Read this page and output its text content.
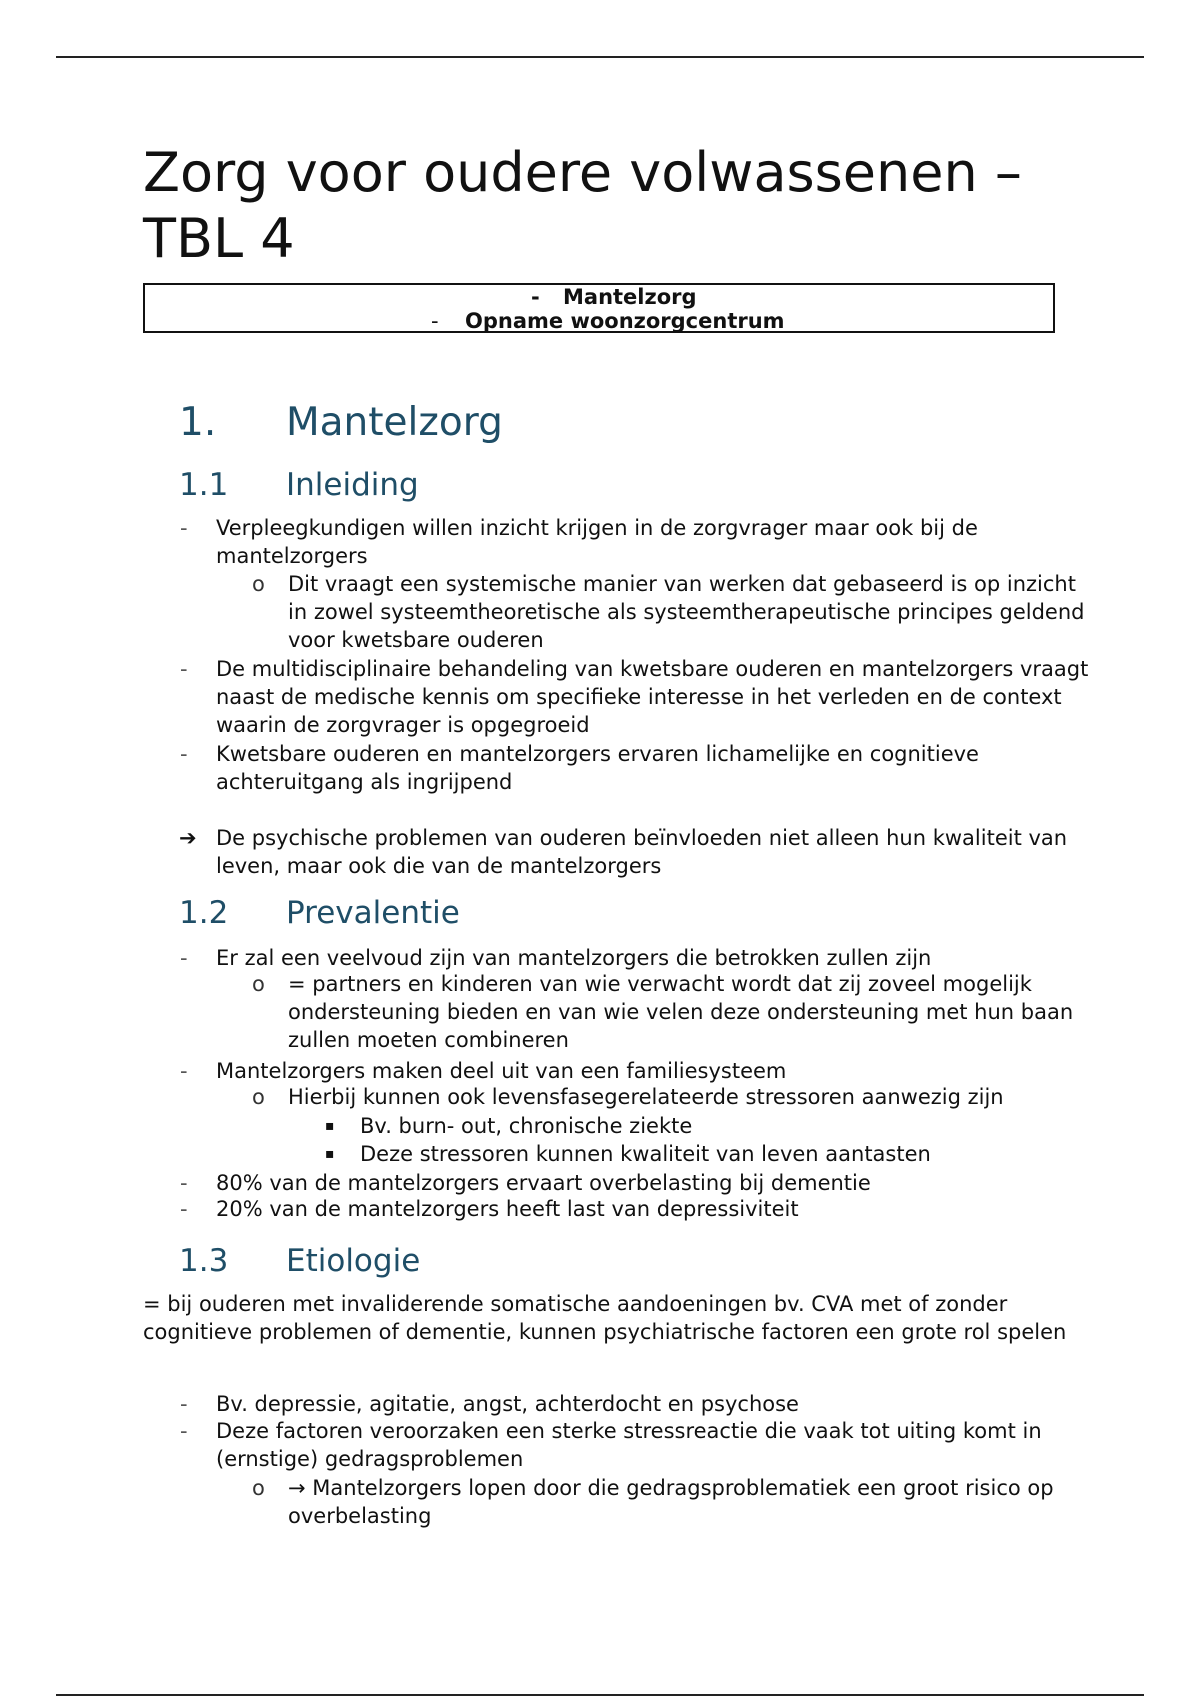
Zorg voor oudere volwassenen – TBL 4
- Mantelzorg
- Opname woonzorgcentrum
1. Mantelzorg
1.1 Inleiding
- Verpleegkundigen willen inzicht krijgen in de zorgvrager maar ook bij de mantelzorgers
o Dit vraagt een systemische manier van werken dat gebaseerd is op inzicht in zowel systeemtheoretische als systeemtherapeutische principes geldend voor kwetsbare ouderen
- De multidisciplinaire behandeling van kwetsbare ouderen en mantelzorgers vraagt naast de medische kennis om specifieke interesse in het verleden en de context waarin de zorgvrager is opgegroeid
- Kwetsbare ouderen en mantelzorgers ervaren lichamelijke en cognitieve achteruitgang als ingrijpend
➔ De psychische problemen van ouderen beïnvloeden niet alleen hun kwaliteit van leven, maar ook die van de mantelzorgers
1.2 Prevalentie
- Er zal een veelvoud zijn van mantelzorgers die betrokken zullen zijn
o = partners en kinderen van wie verwacht wordt dat zij zoveel mogelijk ondersteuning bieden en van wie velen deze ondersteuning met hun baan zullen moeten combineren
- Mantelzorgers maken deel uit van een familiesysteem
o Hierbij kunnen ook levensfasegerelateerde stressoren aanwezig zijn
▪ Bv. burn- out, chronische ziekte
▪ Deze stressoren kunnen kwaliteit van leven aantasten
- 80% van de mantelzorgers ervaart overbelasting bij dementie
- 20% van de mantelzorgers heeft last van depressiviteit
1.3 Etiologie
= bij ouderen met invaliderende somatische aandoeningen bv. CVA met of zonder cognitieve problemen of dementie, kunnen psychiatrische factoren een grote rol spelen
- Bv. depressie, agitatie, angst, achterdocht en psychose
- Deze factoren veroorzaken een sterke stressreactie die vaak tot uiting komt in (ernstige) gedragsproblemen
o → Mantelzorgers lopen door die gedragsproblematiek een groot risico op overbelasting
